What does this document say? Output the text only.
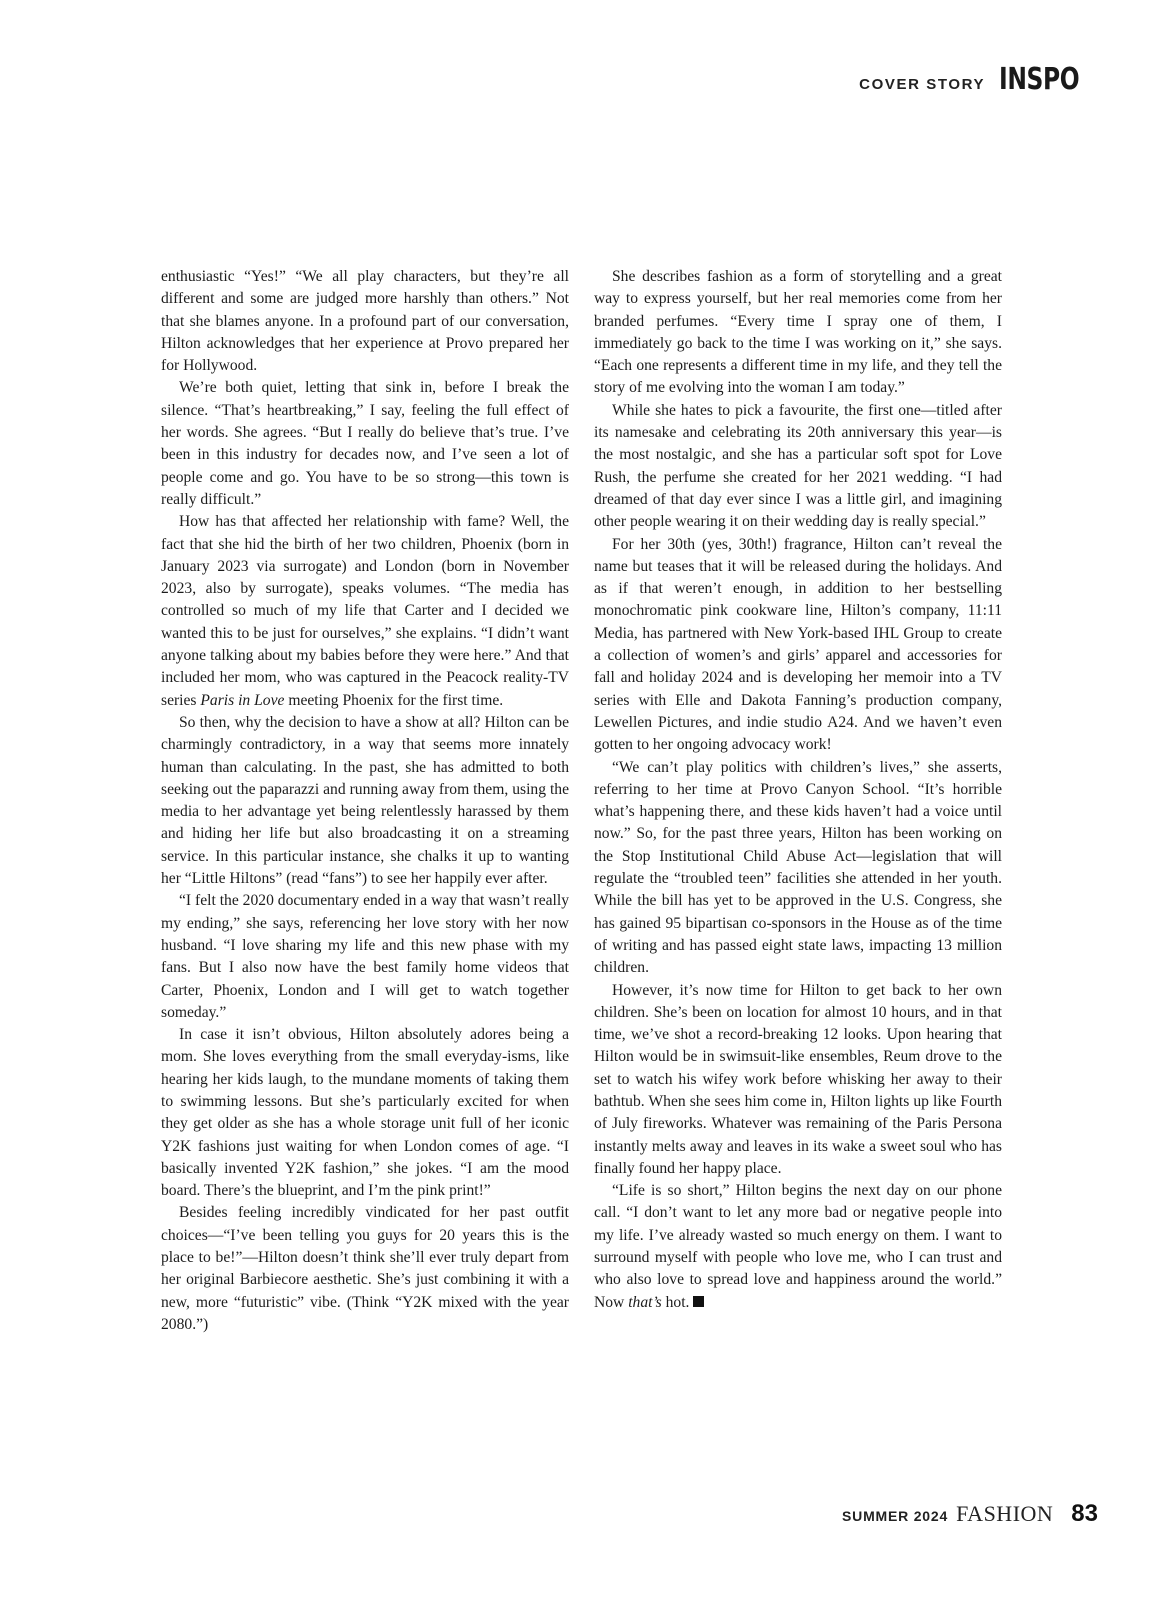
COVER STORY INSPO

enthusiastic “Yes!” “We all play characters, but they’re all different and some are judged more harshly than others.” Not that she blames anyone. In a profound part of our conversation, Hilton acknowledges that her experience at Provo prepared her for Hollywood.

We’re both quiet, letting that sink in, before I break the silence. “That’s heartbreaking,” I say, feeling the full effect of her words. She agrees. “But I really do believe that’s true. I’ve been in this industry for decades now, and I’ve seen a lot of people come and go. You have to be so strong—this town is really difficult.”

How has that affected her relationship with fame? Well, the fact that she hid the birth of her two children, Phoenix (born in January 2023 via surrogate) and London (born in November 2023, also by surrogate), speaks volumes. “The media has controlled so much of my life that Carter and I decided we wanted this to be just for ourselves,” she explains. “I didn’t want anyone talking about my babies before they were here.” And that included her mom, who was captured in the Peacock reality-TV series Paris in Love meeting Phoenix for the first time.

So then, why the decision to have a show at all? Hilton can be charmingly contradictory, in a way that seems more innately human than calculating. In the past, she has admitted to both seeking out the paparazzi and running away from them, using the media to her advantage yet being relentlessly harassed by them and hiding her life but also broadcasting it on a streaming service. In this particular instance, she chalks it up to wanting her “Little Hiltons” (read “fans”) to see her happily ever after.

“I felt the 2020 documentary ended in a way that wasn’t really my ending,” she says, referencing her love story with her now husband. “I love sharing my life and this new phase with my fans. But I also now have the best family home videos that Carter, Phoenix, London and I will get to watch together someday.”

In case it isn’t obvious, Hilton absolutely adores being a mom. She loves everything from the small everyday-isms, like hearing her kids laugh, to the mundane moments of taking them to swimming lessons. But she’s particularly excited for when they get older as she has a whole storage unit full of her iconic Y2K fashions just waiting for when London comes of age. “I basically invented Y2K fashion,” she jokes. “I am the mood board. There’s the blueprint, and I’m the pink print!”

Besides feeling incredibly vindicated for her past outfit choices—“I’ve been telling you guys for 20 years this is the place to be!”—Hilton doesn’t think she’ll ever truly depart from her original Barbiecore aesthetic. She’s just combining it with a new, more “futuristic” vibe. (Think “Y2K mixed with the year 2080.”)

She describes fashion as a form of storytelling and a great way to express yourself, but her real memories come from her branded perfumes. “Every time I spray one of them, I immediately go back to the time I was working on it,” she says. “Each one represents a different time in my life, and they tell the story of me evolving into the woman I am today.”

While she hates to pick a favourite, the first one—titled after its namesake and celebrating its 20th anniversary this year—is the most nostalgic, and she has a particular soft spot for Love Rush, the perfume she created for her 2021 wedding. “I had dreamed of that day ever since I was a little girl, and imagining other people wearing it on their wedding day is really special.”

For her 30th (yes, 30th!) fragrance, Hilton can’t reveal the name but teases that it will be released during the holidays. And as if that weren’t enough, in addition to her bestselling monochromatic pink cookware line, Hilton’s company, 11:11 Media, has partnered with New York-based IHL Group to create a collection of women’s and girls’ apparel and accessories for fall and holiday 2024 and is developing her memoir into a TV series with Elle and Dakota Fanning’s production company, Lewellen Pictures, and indie studio A24. And we haven’t even gotten to her ongoing advocacy work!

“We can’t play politics with children’s lives,” she asserts, referring to her time at Provo Canyon School. “It’s horrible what’s happening there, and these kids haven’t had a voice until now.” So, for the past three years, Hilton has been working on the Stop Institutional Child Abuse Act—legislation that will regulate the “troubled teen” facilities she attended in her youth. While the bill has yet to be approved in the U.S. Congress, she has gained 95 bipartisan co-sponsors in the House as of the time of writing and has passed eight state laws, impacting 13 million children.

However, it’s now time for Hilton to get back to her own children. She’s been on location for almost 10 hours, and in that time, we’ve shot a record-breaking 12 looks. Upon hearing that Hilton would be in swimsuit-like ensembles, Reum drove to the set to watch his wifey work before whisking her away to their bathtub. When she sees him come in, Hilton lights up like Fourth of July fireworks. Whatever was remaining of the Paris Persona instantly melts away and leaves in its wake a sweet soul who has finally found her happy place.

“Life is so short,” Hilton begins the next day on our phone call. “I don’t want to let any more bad or negative people into my life. I’ve already wasted so much energy on them. I want to surround myself with people who love me, who I can trust and who also love to spread love and happiness around the world.” Now that’s hot.

SUMMER 2024 FASHION 83
